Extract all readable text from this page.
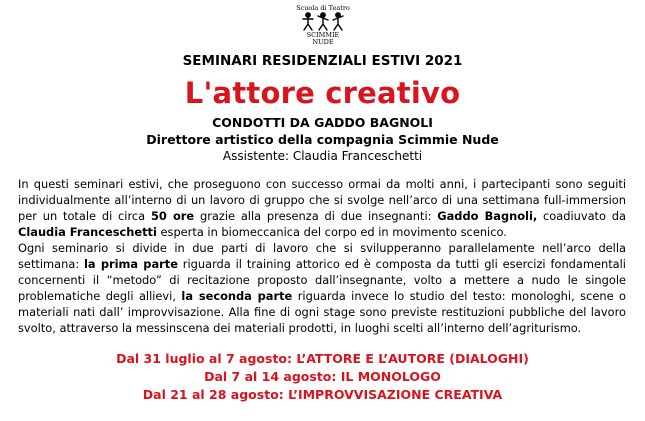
Scuola di Teatro
SCIMMIE
NUDE
SEMINARI RESIDENZIALI ESTIVI 2021
L'attore creativo
CONDOTTI DA GADDO BAGNOLI
Direttore artistico della compagnia Scimmie Nude
Assistente: Claudia Franceschetti

In questi seminari estivi, che proseguono con successo ormai da molti anni, i partecipanti sono seguiti individualmente all’interno di un lavoro di gruppo che si svolge nell’arco di una settimana full-immersion per un totale di circa 50 ore grazie alla presenza di due insegnanti: Gaddo Bagnoli, coadiuvato da Claudia Franceschetti esperta in biomeccanica del corpo ed in movimento scenico.

Ogni seminario si divide in due parti di lavoro che si svilupperanno parallelamente nell’arco della settimana: la prima parte riguarda il training attorico ed è composta da tutti gli esercizi fondamentali concernenti il “metodo” di recitazione proposto dall’insegnante, volto a mettere a nudo le singole problematiche degli allievi, la seconda parte riguarda invece lo studio del testo: monologhi, scene o materiali nati dall’ improvvisazione. Alla fine di ogni stage sono previste restituzioni pubbliche del lavoro svolto, attraverso la messinscena dei materiali prodotti, in luoghi scelti all’interno dell’agriturismo.

Dal 31 luglio al 7 agosto: L’ATTORE E L’AUTORE (DIALOGHI)
Dal 7 al 14 agosto: IL MONOLOGO
Dal 21 al 28 agosto: L’IMPROVVISAZIONE CREATIVA
